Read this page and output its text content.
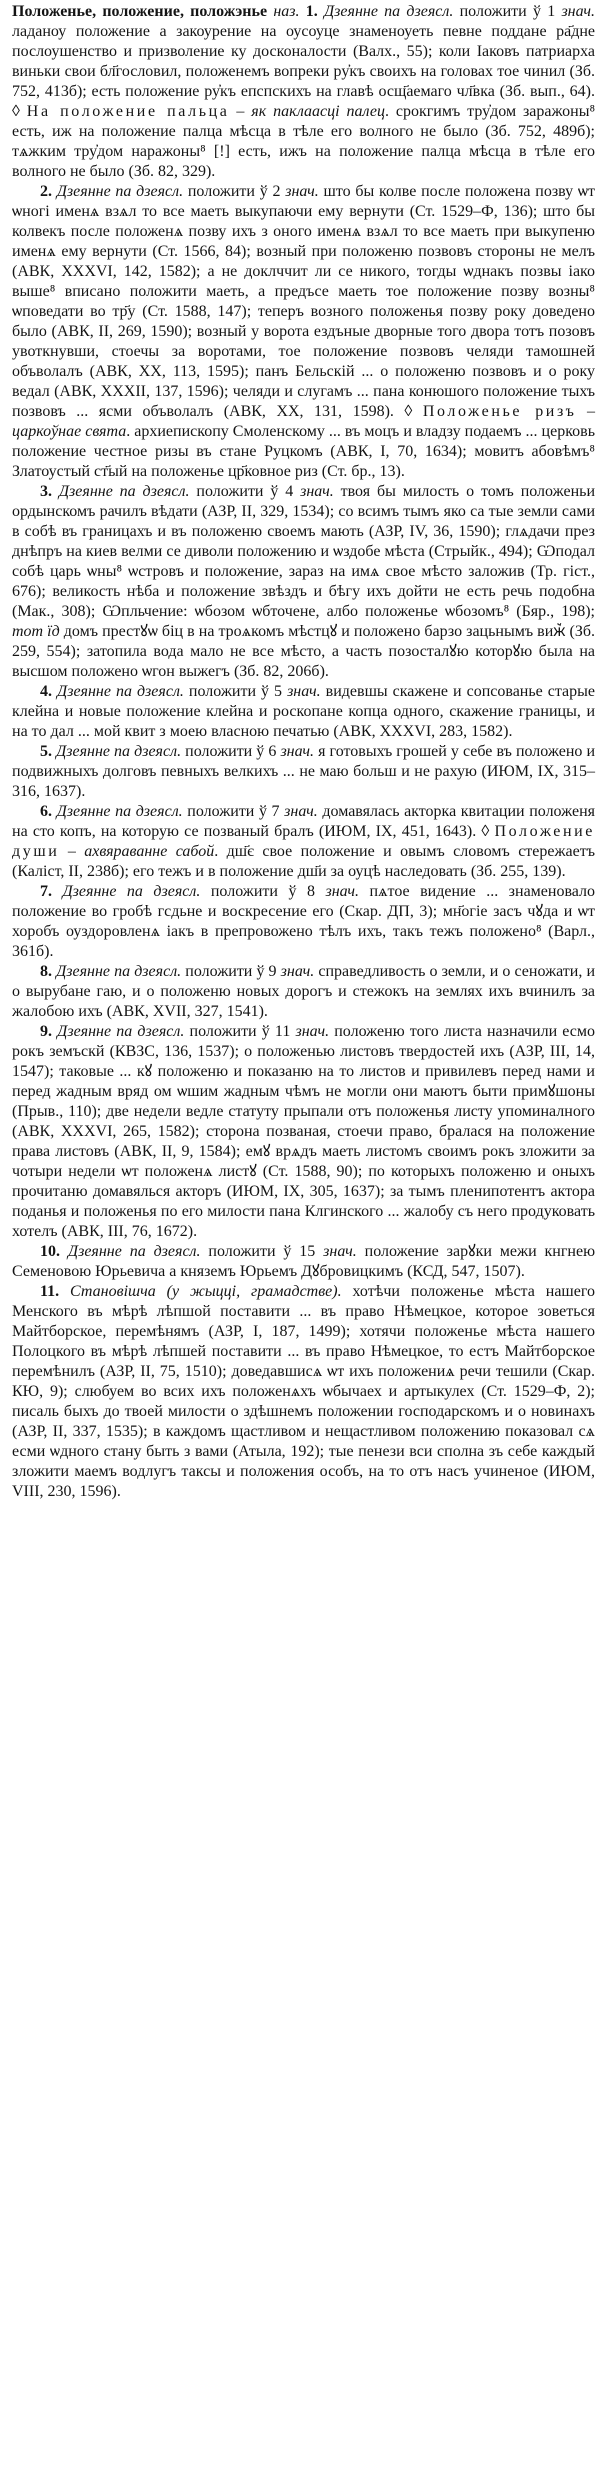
Положенье, положение, положэнье наз. 1. Дзеянне па дзеясл. положити ў 1 знач. ладаноу положение а закоурение на оусоуце знаменоуеть певне поддане ра҃дне послоушенство и призволение ку досконалости (Валх., 55); коли Іаковъ патриарха виньки свои бл҃гословил, положенемъ вопреки ру҆къ своихъ на головах тое чинил (Зб. 752, 413б); есть положение ру҆къ епспскихъ на главѣ осщ҃аемаго чл҃вка (Зб. вып., 64). ◊ На положение пальца – як паклаасці палец. срокгимъ тру҆дом заражоны⁸ есть, иж на положение палца мѣсца в тѣле его волного не было (Зб. 752, 489б); тѧжким тру҆дом наражоны⁸ [!] есть, ижъ на положение палца мѣсца в тѣле его волного не было (Зб. 82, 329).

2. Дзеянне па дзеясл. положити ў 2 знач. што бы колве после положена позву ѡт ѡногі именѧ взѧл то все маеть выкупаючи ему вернути (Ст. 1529–Ф, 136); што бы колвекъ после положенѧ позву ихъ з оного именѧ взѧл то все маеть при выкупеню именѧ ему вернути (Ст. 1566, 84); возный при положеню позвовъ стороны не мелъ (АВК, XXXVI, 142, 1582); а не доклччит ли се никого, тогды ѡднакъ позвы іако выше⁸ вписано положити маеть, а предъсе маеть тое положение позву возны⁸ ѡповедати во тр҃у (Ст. 1588, 147); теперъ возного положенья позву року доведено было (АВК, II, 269, 1590); возный у ворота ездъные дворные того двора тотъ позовъ увоткнувши, стоечы за воротами, тое положение позвовъ челяди тамошней объволалъ (АВК, XX, 113, 1595); панъ Бельскій ... о положеню позвовъ и о року ведал (АВК, XXXII, 137, 1596); челяди и слугамъ ... пана конюшого положение тыхъ позвовъ ... ясми объволалъ (АВК, XX, 131, 1598). ◊ Положенье ризъ – царкоўнае свята. архиепископу Смоленскому ... въ моцъ и владзу подаемъ ... церковь положение честное ризы въ стане Руцкомъ (АВК, I, 70, 1634); мовитъ абовѣмъ⁸ Златоустый ст҃ый на положенье цр҃ковное риз (Ст. бр., 13).

3. Дзеянне па дзеясл. положити ў 4 знач. твоя бы милость о томъ положеньи ордынскомъ рачилъ вѣдати (АЗР, II, 329, 1534); со всимъ тымъ яко са тые земли сами в собѣ въ границахъ и въ положеню своемъ мають (АЗР, IV, 36, 1590); глѧдачи през днѣпръ на киев велми се диволи положению и ѡздобе мѣста (Стрыйк., 494); Ѡподал собѣ царь ѡны⁸ ѡстровъ и положение, зараз на имѧ свое мѣсто заложив (Тр. гіст., 676); великость нѣба и положение звѣздъ и бѣгу ихъ дойти не есть речь подобна (Мак., 308); Ѡпльчение: ѡбозом ѡбточене, албо положенье ѡбозомъ⁸ (Бяр., 198); тот їд домъ престꙋѡ біц в на троѧкомъ мѣстцꙋ и положено барзо зацьнымъ виж꙽ (Зб. 259, 554); затопила вода мало не все мѣсто, а часть позосталꙋю которꙋю была на высшом положено ѡгон выжегъ (Зб. 82, 206б).

4. Дзеянне па дзеясл. положити ў 5 знач. видевшы скажене и сопсованье старые клейна и новые положение клейна и роскопане копца одного, скажение границы, и на то дал ... мой квит з моею власною печатью (АВК, XXXVI, 283, 1582).

5. Дзеянне па дзеясл. положити ў 6 знач. я готовыхъ грошей у себе въ положено и подвижныхъ долговъ певныхъ велкихъ ... не маю больш и не рахую (ИЮМ, IX, 315–316, 1637).

6. Дзеянне па дзеясл. положити ў 7 знач. домавялась акторка квитации положеня на сто копъ, на которую се позваный бралъ (ИЮМ, IX, 451, 1643). ◊ Положение души – ахвяраванне сабой. дш҃є свое положение и овымъ словомъ стережаетъ (Каліст, II, 238б); его тежъ и в положение дш҃и за оуцѣ наследовать (Зб. 255, 139).

7. Дзеянне па дзеясл. положити ў 8 знач. пѧтое видение ... знаменовало положение во гробѣ гсдьне и воскресение его (Скар. ДП, 3); мн҃огіе засъ чꙋда и ѡт хоробъ оуздоровленѧ іакъ в препровожено тѣлъ ихъ, такъ тежъ положено⁸ (Варл., 361б).

8. Дзеянне па дзеясл. положити ў 9 знач. справедливость о земли, и о сеножати, и о вырубане гаю, и о положеню новых дорогъ и стежокъ на землях ихъ вчинилъ за жалобою ихъ (АВК, XVII, 327, 1541).

9. Дзеянне па дзеясл. положити ў 11 знач. положеню того листа назначили есмо рокъ земъскй (КВЗС, 136, 1537); о положенью листовъ твердостей ихъ (АЗР, III, 14, 1547); таковые ... кꙋ положеню и показаню на то листов и привилевъ перед нами и перед жадным вряд ом ѡшим жадным чѣмъ не могли они маютъ быти примꙋшоны (Прыв., 110); две недели ведле статуту прыпали отъ положенья листу упоминалного (АВК, XXXVI, 265, 1582); сторона позваная, стоечи право, бралася на положение права листовъ (АВК, II, 9, 1584); емꙋ врѧдъ маеть листомъ своимъ рокъ зложити за чотыри недели ѡт положенѧ листꙋ (Ст. 1588, 90); по которыхъ положеню и оныхъ прочитаню домавялься акторъ (ИЮМ, IX, 305, 1637); за тымъ пленипотентъ актора поданья и положенья по его милости пана Клгинского ... жалобу съ него продуковать хотелъ (АВК, III, 76, 1672).

10. Дзеянне па дзеясл. положити ў 15 знач. положение зарꙋки межи кнгнею Семеновою Юрьевича а княземъ Юрьемъ Дꙋбровицкимъ (КСД, 547, 1507).

11. Становішча (у жыцці, грамадстве). хотѣчи положенье мѣста нашего Менского въ мѣрѣ лѣпшой поставити ... въ право Нѣмецкое, которое зоветься Майтборское, перемѣнямъ (АЗР, I, 187, 1499); хотячи положенье мѣста нашего Полоцкого въ мѣрѣ лѣпшей поставити ... въ право Нѣмецкое, то естъ Майтборское перемѣнилъ (АЗР, II, 75, 1510); доведавшисѧ ѡт ихъ положениѧ речи тешили (Скар. КЮ, 9); слюбуем во всих ихъ положенѧхъ ѡбычаех и артыкулех (Ст. 1529–Ф, 2); писаль быхъ до твоей милости о здѣшнемъ положении господарскомъ и о новинахъ (АЗР, II, 337, 1535); в каждомъ щастливом и нещастливом положению показовал сѧ есми ѡдного стану быть з вами (Атыла, 192); тые пенези вси сполна зъ себе каждый зложити маемъ водлугъ таксы и положения особъ, на то отъ насъ учиненое (ИЮМ, VIII, 230, 1596).
